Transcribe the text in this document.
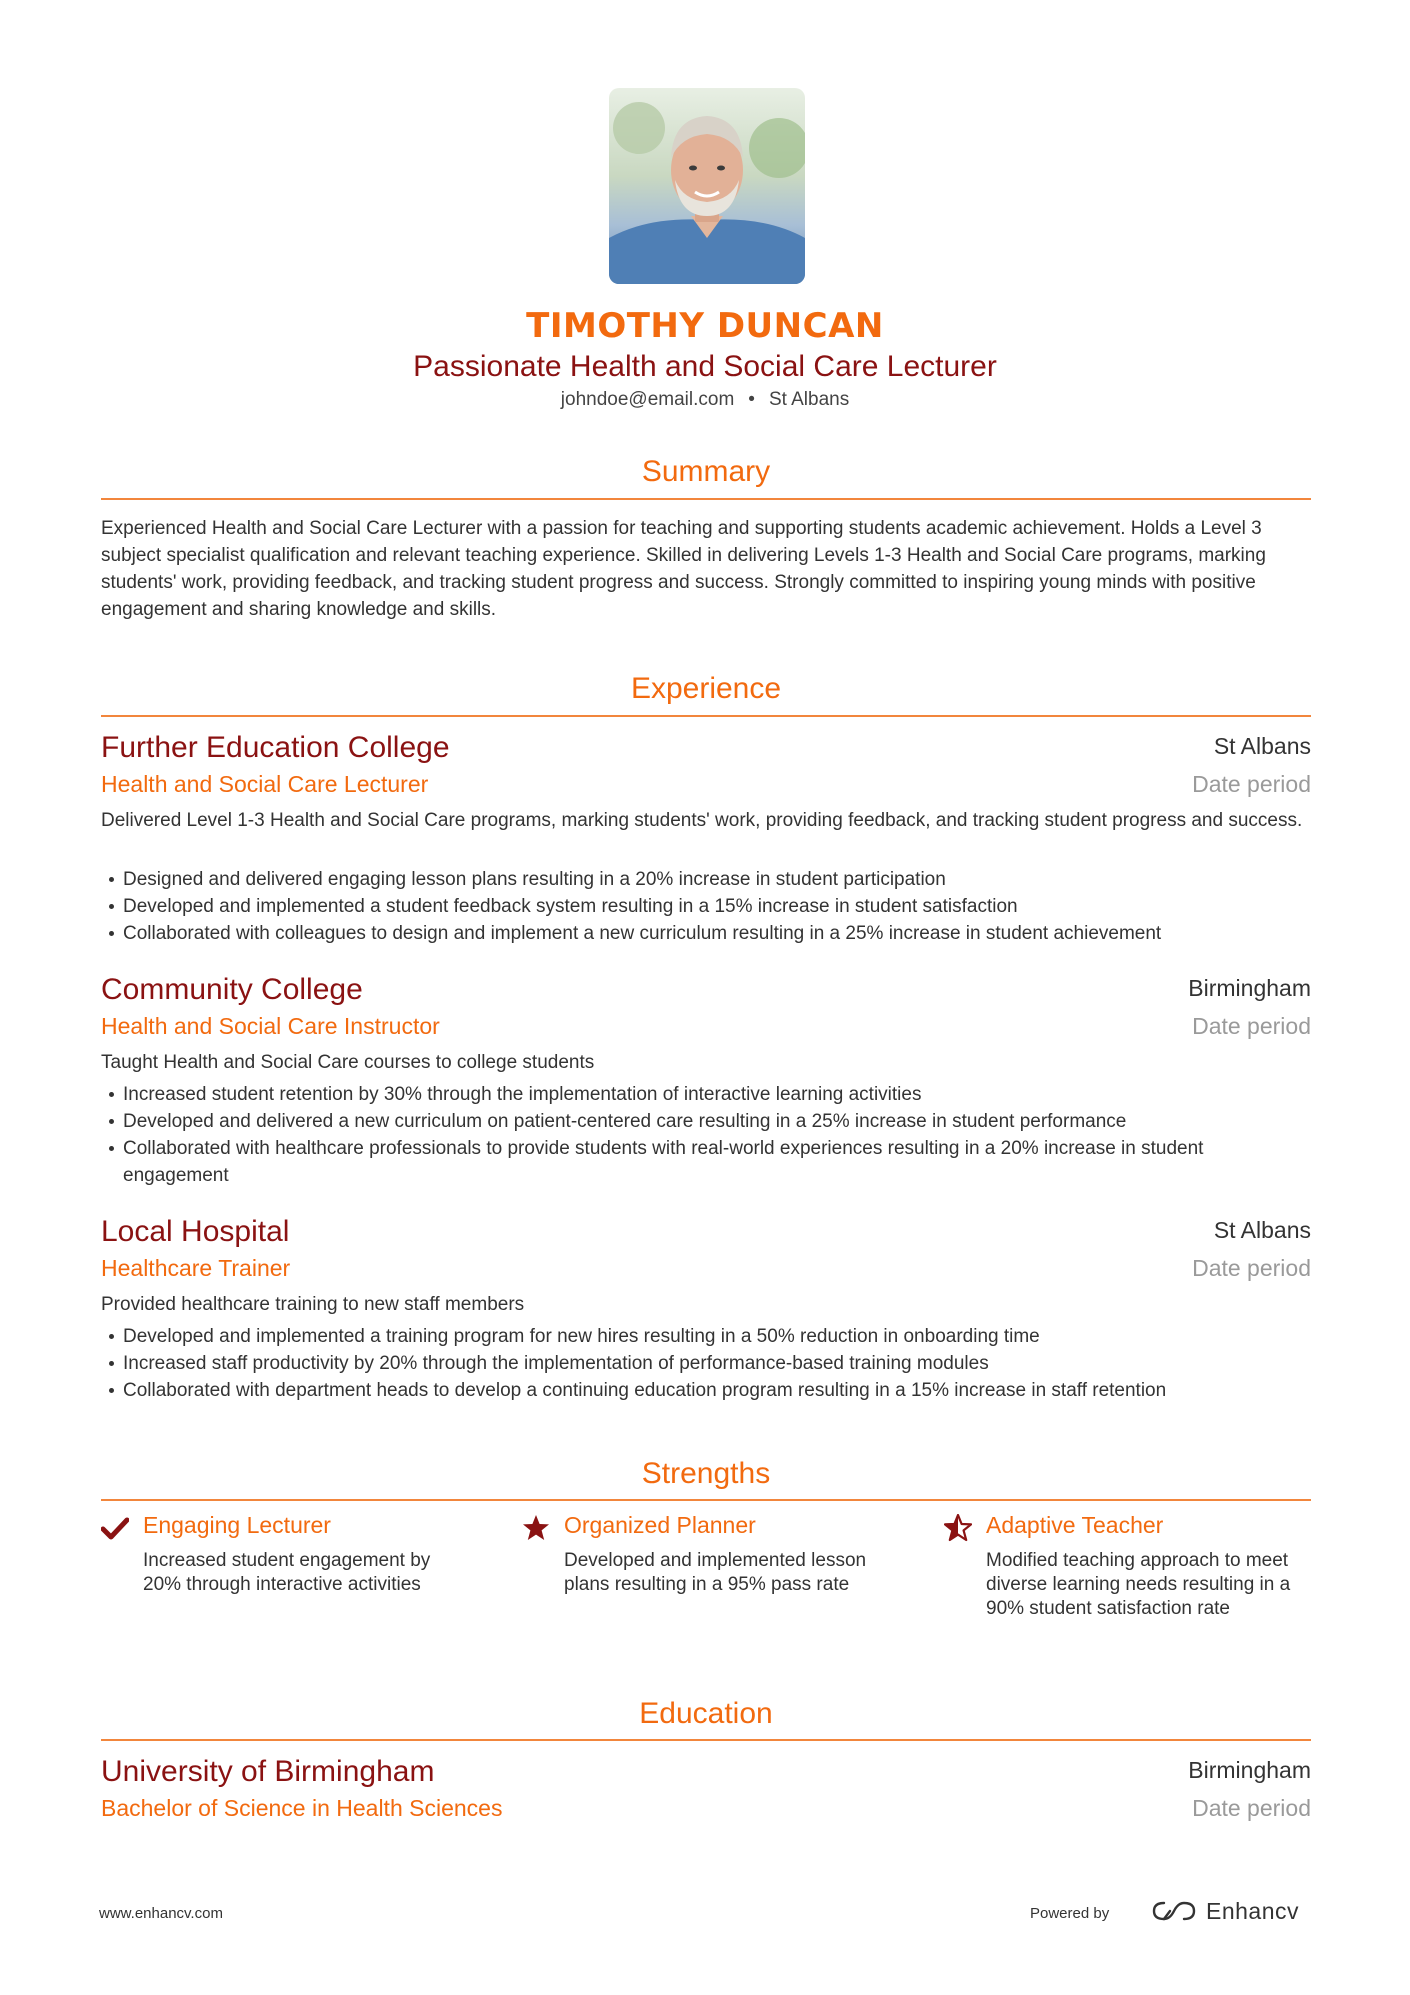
TIMOTHY DUNCAN
Passionate Health and Social Care Lecturer
johndoe@email.com • St Albans
Summary
Experienced Health and Social Care Lecturer with a passion for teaching and supporting students academic achievement. Holds a Level 3 subject specialist qualification and relevant teaching experience. Skilled in delivering Levels 1-3 Health and Social Care programs, marking students' work, providing feedback, and tracking student progress and success. Strongly committed to inspiring young minds with positive engagement and sharing knowledge and skills.
Experience
Further Education College	St Albans
Health and Social Care Lecturer	Date period
Delivered Level 1-3 Health and Social Care programs, marking students' work, providing feedback, and tracking student progress and success.
Designed and delivered engaging lesson plans resulting in a 20% increase in student participation
Developed and implemented a student feedback system resulting in a 15% increase in student satisfaction
Collaborated with colleagues to design and implement a new curriculum resulting in a 25% increase in student achievement
Community College	Birmingham
Health and Social Care Instructor	Date period
Taught Health and Social Care courses to college students
Increased student retention by 30% through the implementation of interactive learning activities
Developed and delivered a new curriculum on patient-centered care resulting in a 25% increase in student performance
Collaborated with healthcare professionals to provide students with real-world experiences resulting in a 20% increase in student engagement
Local Hospital	St Albans
Healthcare Trainer	Date period
Provided healthcare training to new staff members
Developed and implemented a training program for new hires resulting in a 50% reduction in onboarding time
Increased staff productivity by 20% through the implementation of performance-based training modules
Collaborated with department heads to develop a continuing education program resulting in a 15% increase in staff retention
Strengths
Engaging Lecturer
Increased student engagement by 20% through interactive activities
Organized Planner
Developed and implemented lesson plans resulting in a 95% pass rate
Adaptive Teacher
Modified teaching approach to meet diverse learning needs resulting in a 90% student satisfaction rate
Education
University of Birmingham	Birmingham
Bachelor of Science in Health Sciences	Date period
www.enhancv.com	Powered by	Enhancv
